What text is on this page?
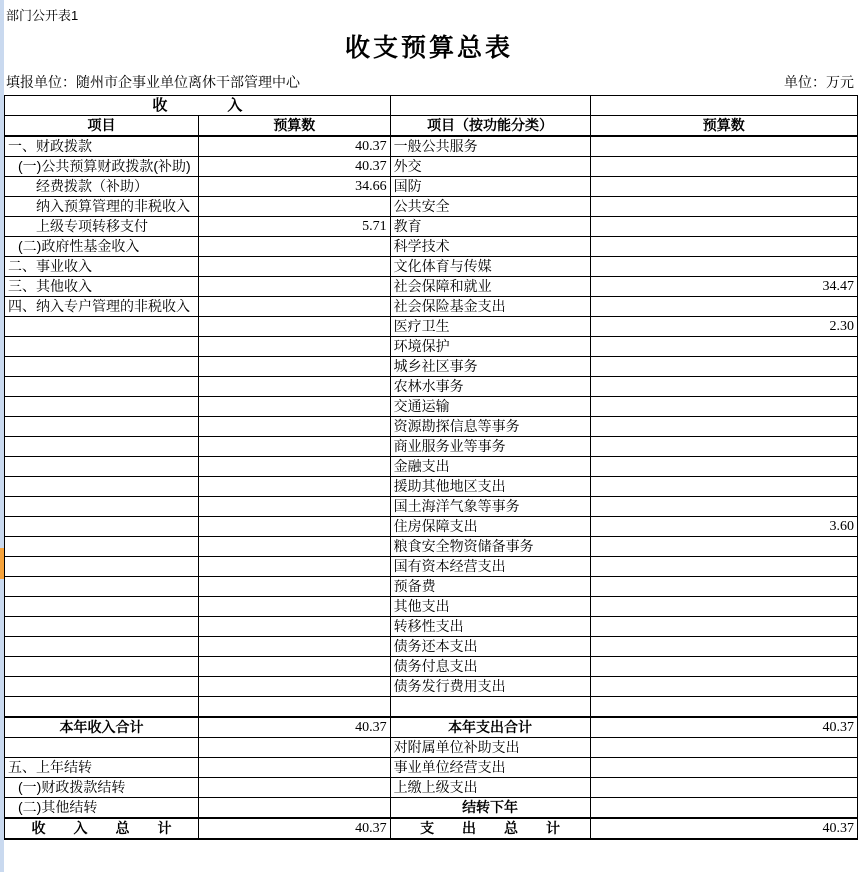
部门公开表1
收支预算总表
填报单位：随州市企事业单位离休干部管理中心	单位：万元
收　　　　入			
项目	预算数	项目（按功能分类）	预算数
一、财政拨款	40.37	一般公共服务	
(一)公共预算财政拨款(补助)	40.37	外交	
经费拨款（补助）	34.66	国防	
纳入预算管理的非税收入		公共安全	
上级专项转移支付	5.71	教育	
(二)政府性基金收入		科学技术	
二、事业收入		文化体育与传媒	
三、其他收入		社会保障和就业	34.47
四、纳入专户管理的非税收入		社会保险基金支出	
		医疗卫生	2.30
		环境保护	
		城乡社区事务	
		农林水事务	
		交通运输	
		资源勘探信息等事务	
		商业服务业等事务	
		金融支出	
		援助其他地区支出	
		国土海洋气象等事务	
		住房保障支出	3.60
		粮食安全物资储备事务	
		国有资本经营支出	
		预备费	
		其他支出	
		转移性支出	
		债务还本支出	
		债务付息支出	
		债务发行费用支出	

本年收入合计	40.37	本年支出合计	40.37
		对附属单位补助支出	
五、上年结转		事业单位经营支出	
(一)财政拨款结转		上缴上级支出	
(二)其他结转		结转下年	
收　　入　　总　　计	40.37	支　　出　　总　　计	40.37
